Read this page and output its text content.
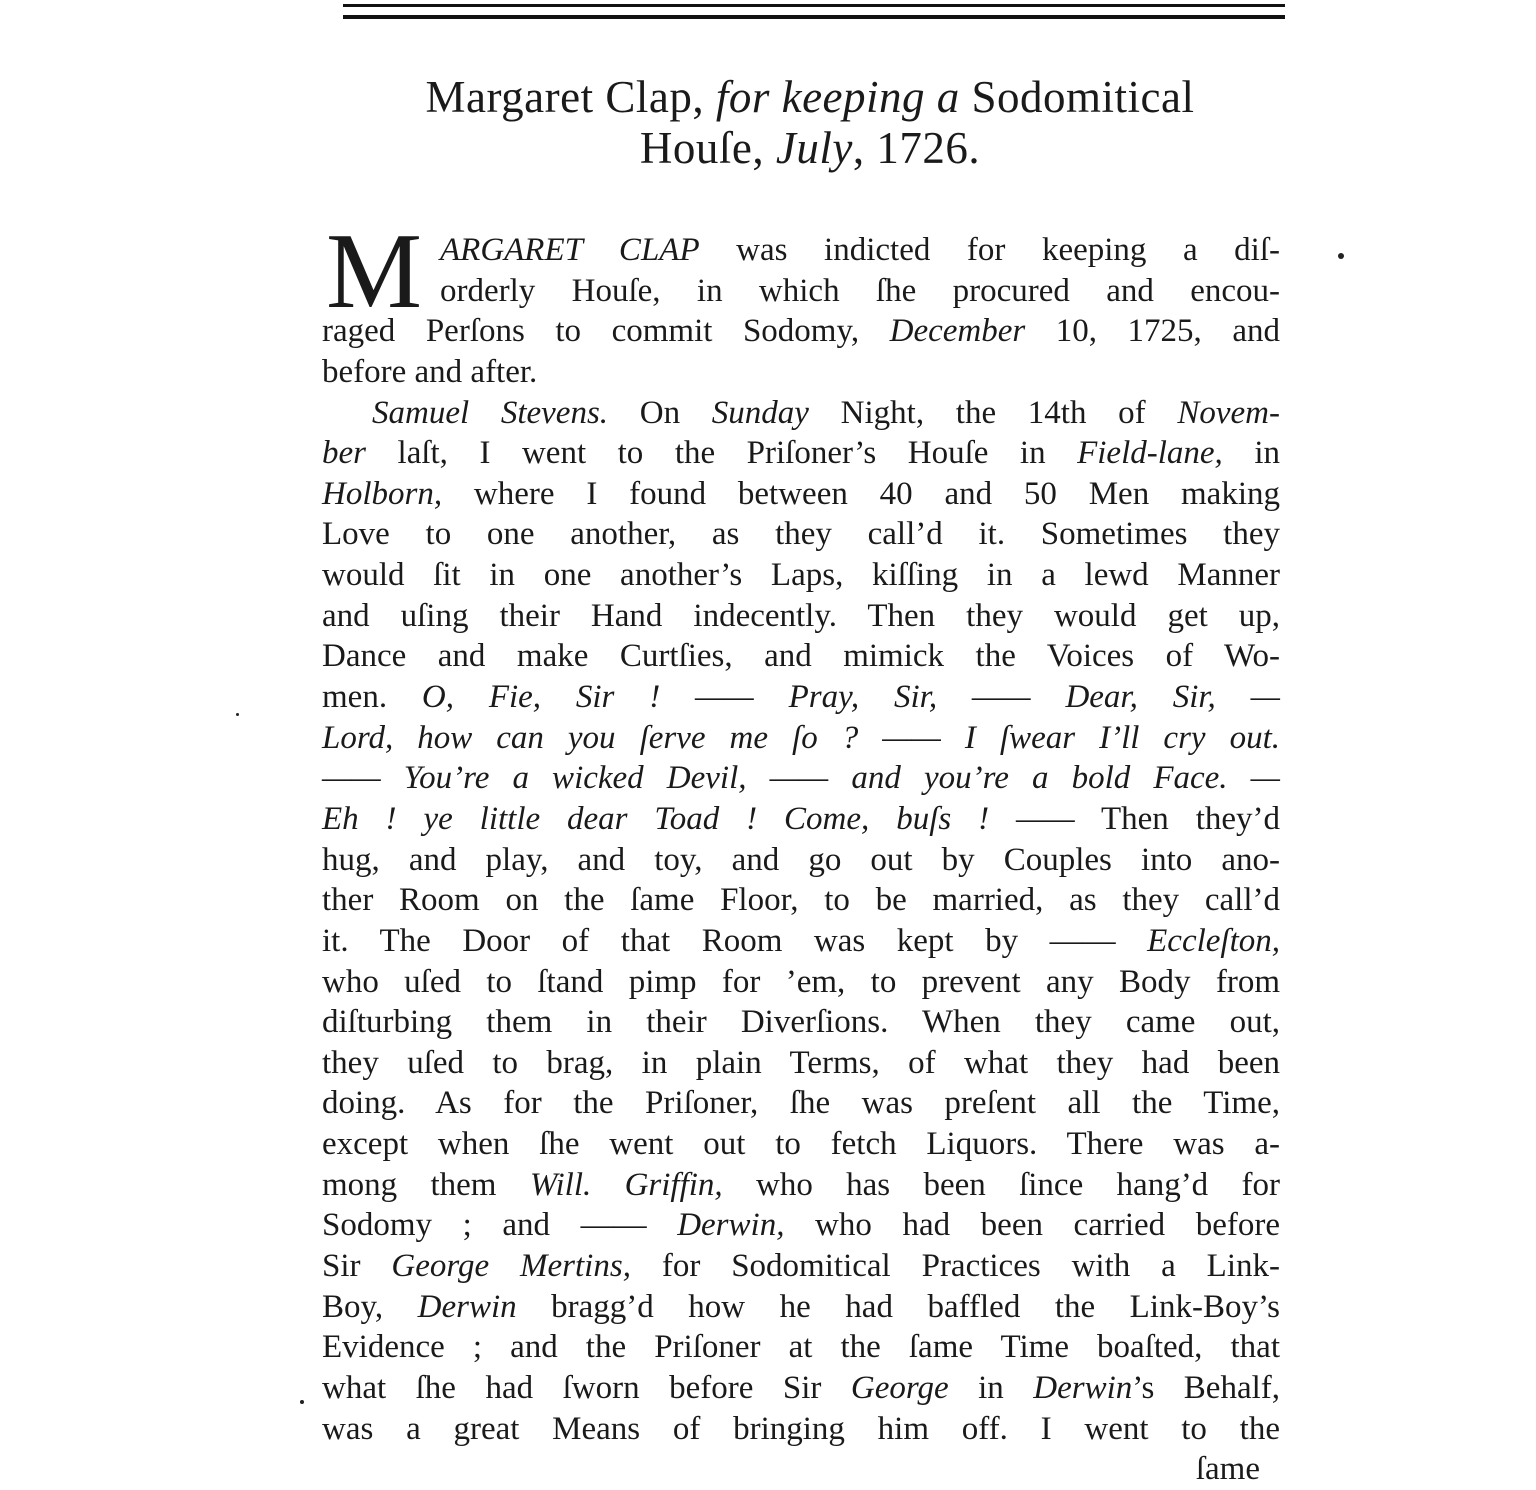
Margaret Clap, for keeping a Sodomitical
Houſe, July, 1726.
M ARGARET CLAP was indicted for keeping a diſ-
orderly Houſe, in which ſhe procured and encou-
raged Perſons to commit Sodomy, December 10, 1725, and
before and after.
Samuel Stevens. On Sunday Night, the 14th of Novem-
ber laſt, I went to the Priſoner’s Houſe in Field-lane, in
Holborn, where I found between 40 and 50 Men making
Love to one another, as they call’d it. Sometimes they
would ſit in one another’s Laps, kiſſing in a lewd Manner
and uſing their Hand indecently. Then they would get up,
Dance and make Curtſies, and mimick the Voices of Wo-
men. O, Fie, Sir ! —— Pray, Sir, —— Dear, Sir, —
Lord, how can you ſerve me ſo ? —— I ſwear I’ll cry out.
—— You’re a wicked Devil, —— and you’re a bold Face. —
Eh ! ye little dear Toad ! Come, buſs ! —— Then they’d
hug, and play, and toy, and go out by Couples into ano-
ther Room on the ſame Floor, to be married, as they call’d
it. The Door of that Room was kept by —— Eccleſton,
who uſed to ſtand pimp for ’em, to prevent any Body from
diſturbing them in their Diverſions. When they came out,
they uſed to brag, in plain Terms, of what they had been
doing. As for the Priſoner, ſhe was preſent all the Time,
except when ſhe went out to fetch Liquors. There was a-
mong them Will. Griffin, who has been ſince hang’d for
Sodomy ; and —— Derwin, who had been carried before
Sir George Mertins, for Sodomitical Practices with a Link-
Boy, Derwin bragg’d how he had baffled the Link-Boy’s
Evidence ; and the Priſoner at the ſame Time boaſted, that
what ſhe had ſworn before Sir George in Derwin’s Behalf,
was a great Means of bringing him off. I went to the
ſame
